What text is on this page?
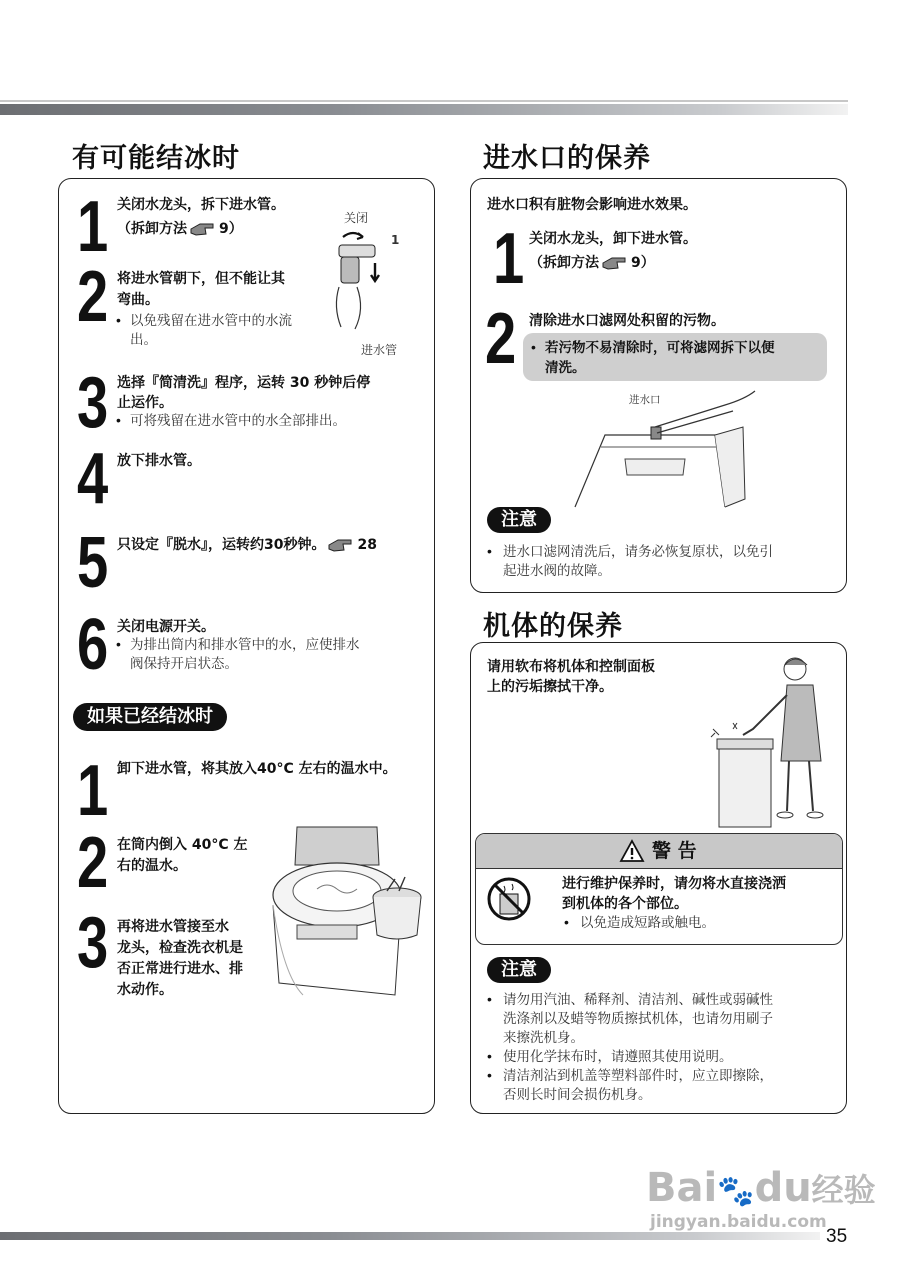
有可能结冰时
1 关闭水龙头，拆下进水管。
（拆卸方法 9）
关闭
1
进水管
2 将进水管朝下，但不能让其
弯曲。
• 以免残留在进水管中的水流
出。
3 选择『简清洗』程序，运转 30 秒钟后停
止运作。
• 可将残留在进水管中的水全部排出。
4 放下排水管。
5 只设定『脱水』，运转约30秒钟。 28
6 关闭电源开关。
• 为排出筒内和排水管中的水，应使排水
阀保持开启状态。
如果已经结冰时
1 卸下进水管，将其放入40°C 左右的温水中。
2 在筒内倒入 40°C 左
右的温水。
3 再将进水管接至水
龙头，检查洗衣机是
否正常进行进水、排
水动作。
进水口的保养
进水口积有脏物会影响进水效果。
1 关闭水龙头，卸下进水管。
（拆卸方法 9）
2 清除进水口滤网处积留的污物。
• 若污物不易清除时，可将滤网拆下以便
清洗。
进水口
注意
• 进水口滤网清洗后，请务必恢复原状，以免引
起进水阀的故障。
机体的保养
请用软布将机体和控制面板
上的污垢擦拭干净。
警 告
进行维护保养时，请勿将水直接浇洒
到机体的各个部位。
• 以免造成短路或触电。
注意
• 请勿用汽油、稀释剂、清洁剂、碱性或弱碱性
洗涤剂以及蜡等物质擦拭机体，也请勿用刷子
来擦洗机身。
• 使用化学抹布时，请遵照其使用说明。
• 清洁剂沾到机盖等塑料部件时，应立即擦除，
否则长时间会损伤机身。
Bai🐾du经验
jingyan.baidu.com
35
